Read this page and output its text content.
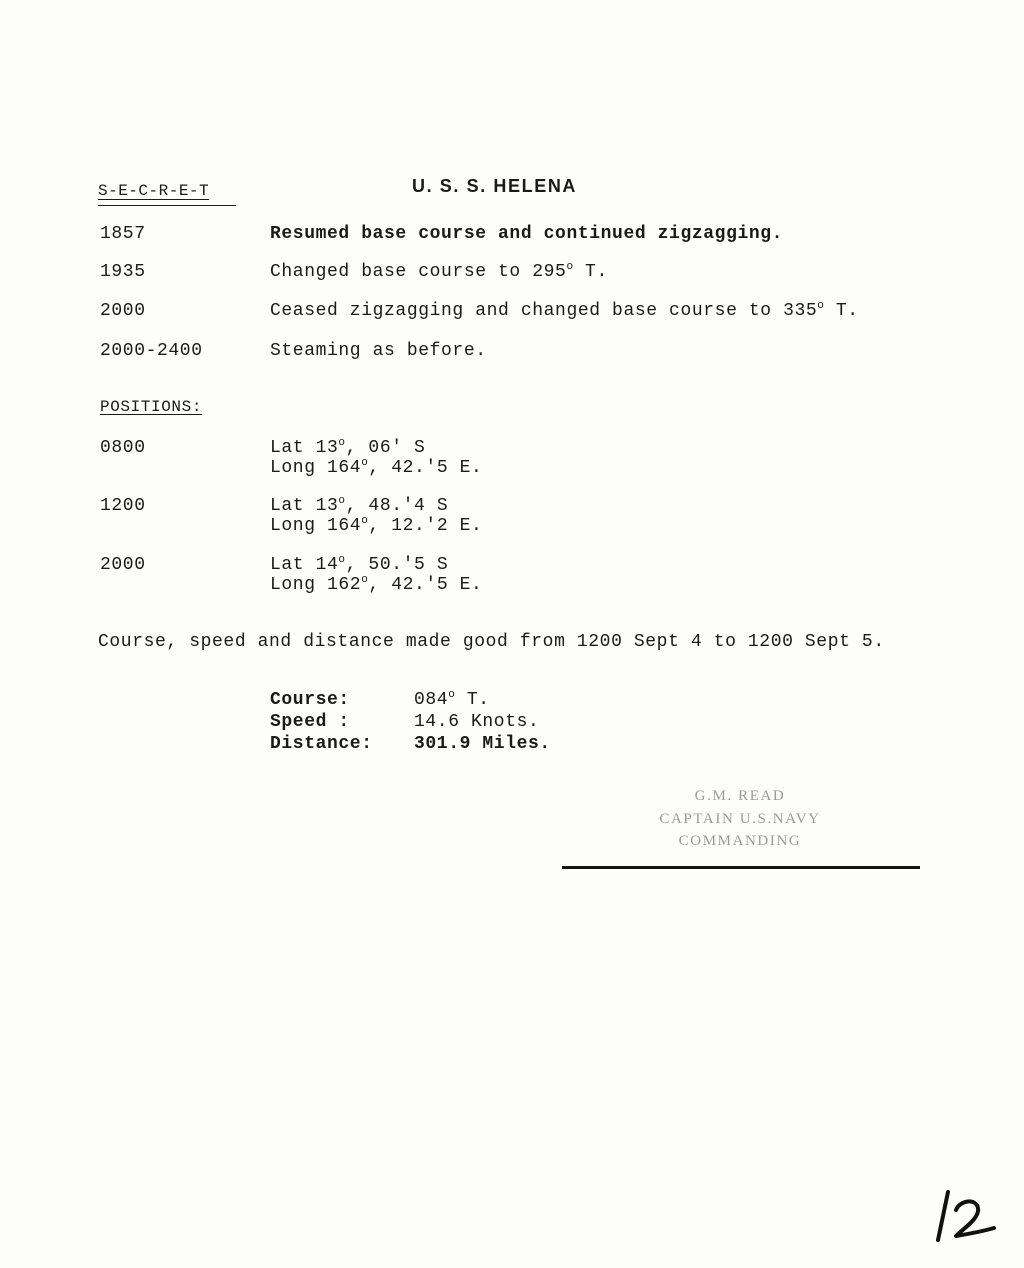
S-E-C-R-E-T	U. S. S. HELENA
1857	Resumed base course and continued zigzagging.
1935	Changed base course to 295$^o$ T.
2000	Ceased zigzagging and changed base course to 335$^o$ T.
2000-2400	Steaming as before.
POSITIONS:
0800	Lat 13$^o$, 06' S
Long 164$^o$, 42.'5 E.
1200	Lat 13$^o$, 48.'4 S
Long 164$^o$, 12.'2 E.
2000	Lat 14$^o$, 50.'5 S
Long 162$^o$, 42.'5 E.
Course, speed and distance made good from 1200 Sept 4 to 1200 Sept 5.
Course:	084$^o$ T.
Speed :	14.6 Knots.
Distance: 301.9 Miles.
G.M. READ
CAPTAIN U.S.NAVY
COMMANDING
